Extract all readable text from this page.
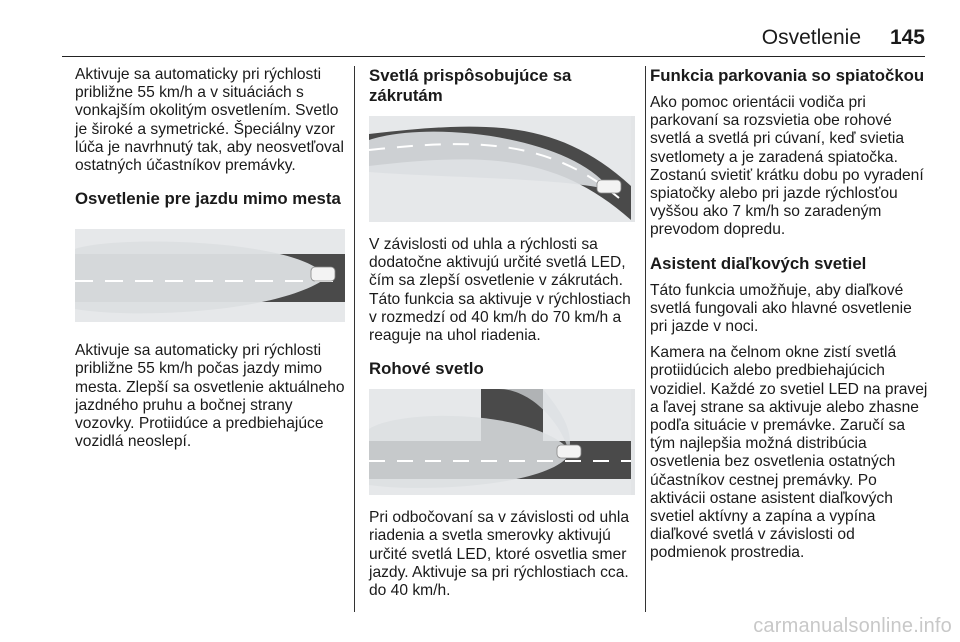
Osvetlenie 145

Aktivuje sa automaticky pri rýchlosti približne 55 km/h a v situáciách s vonkajším okolitým osvetlením. Svetlo je široké a symetrické. Špeciálny vzor lúča je navrhnutý tak, aby neosvetľoval ostatných účastníkov premávky.

Osvetlenie pre jazdu mimo mesta

Aktivuje sa automaticky pri rýchlosti približne 55 km/h počas jazdy mimo mesta. Zlepší sa osvetlenie aktuálneho jazdného pruhu a bočnej strany vozovky. Protiidúce a predbiehajúce vozidlá neoslepí.

Svetlá prispôsobujúce sa zákrutám

V závislosti od uhla a rýchlosti sa dodatočne aktivujú určité svetlá LED, čím sa zlepší osvetlenie v zákrutách. Táto funkcia sa aktivuje v rýchlostiach v rozmedzí od 40 km/h do 70 km/h a reaguje na uhol riadenia.

Rohové svetlo

Pri odbočovaní sa v závislosti od uhla riadenia a svetla smerovky aktivujú určité svetlá LED, ktoré osvetlia smer jazdy. Aktivuje sa pri rýchlostiach cca. do 40 km/h.

Funkcia parkovania so spiatočkou

Ako pomoc orientácii vodiča pri parkovaní sa rozsvietia obe rohové svetlá a svetlá pri cúvaní, keď svietia svetlomety a je zaradená spiatočka. Zostanú svietiť krátku dobu po vyradení spiatočky alebo pri jazde rýchlosťou vyššou ako 7 km/h so zaradeným prevodom dopredu.

Asistent diaľkových svetiel

Táto funkcia umožňuje, aby diaľkové svetlá fungovali ako hlavné osvetlenie pri jazde v noci.

Kamera na čelnom okne zistí svetlá protiidúcich alebo predbiehajúcich vozidiel. Každé zo svetiel LED na pravej a ľavej strane sa aktivuje alebo zhasne podľa situácie v premávke. Zaručí sa tým najlepšia možná distribúcia osvetlenia bez osvetlenia ostatných účastníkov cestnej premávky. Po aktivácii ostane asistent diaľkových svetiel aktívny a zapína a vypína diaľkové svetlá v závislosti od podmienok prostredia.

carmanualsonline.info
